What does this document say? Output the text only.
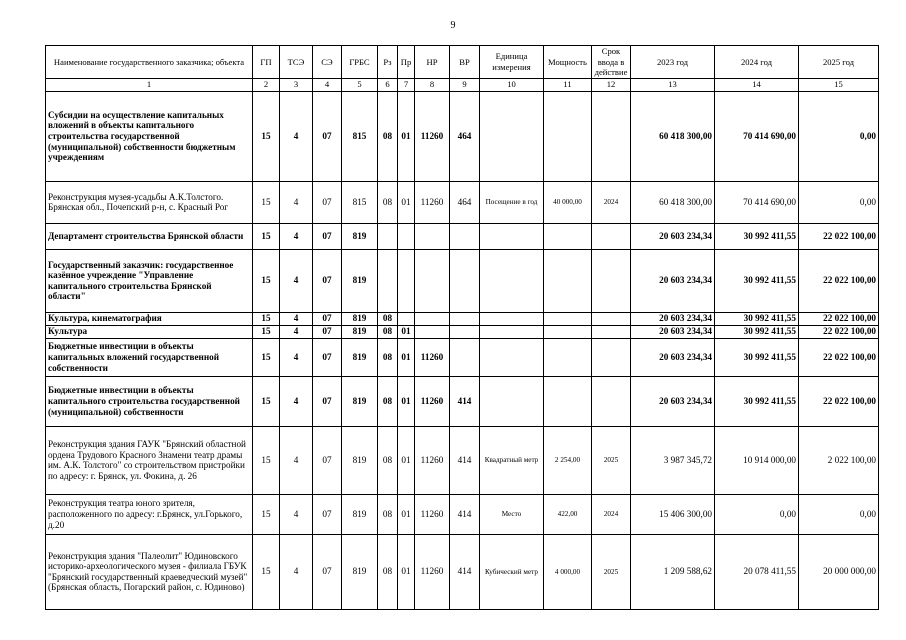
9
Наименование государственного заказчика; объекта	ГП	ТСЭ	СЭ	ГРБС	Рз	Пр	НР	ВР	Единица измерения	Мощность	Срок ввода в действие	2023 год	2024 год	2025 год
1	2	3	4	5	6	7	8	9	10	11	12	13	14	15
Субсидии на осуществление капитальных вложений в объекты капитального строительства государственной (муниципальной) собственности бюджетным учреждениям	15	4	07	815	08	01	11260	464				60 418 300,00	70 414 690,00	0,00
Реконструкция музея-усадьбы А.К.Толстого. Брянская обл., Почепский р-н, с. Красный Рог	15	4	07	815	08	01	11260	464	Посещение в год	40 000,00	2024	60 418 300,00	70 414 690,00	0,00
Департамент строительства Брянской области	15	4	07	819								20 603 234,34	30 992 411,55	22 022 100,00
Государственный заказчик: государственное казённое учреждение "Управление капитального строительства Брянской области"	15	4	07	819								20 603 234,34	30 992 411,55	22 022 100,00
Культура, кинематография	15	4	07	819	08							20 603 234,34	30 992 411,55	22 022 100,00
Культура	15	4	07	819	08	01						20 603 234,34	30 992 411,55	22 022 100,00
Бюджетные инвестиции в объекты капитальных вложений государственной собственности	15	4	07	819	08	01	11260					20 603 234,34	30 992 411,55	22 022 100,00
Бюджетные инвестиции в объекты капитального строительства государственной (муниципальной) собственности	15	4	07	819	08	01	11260	414				20 603 234,34	30 992 411,55	22 022 100,00
Реконструкция здания ГАУК "Брянский областной ордена Трудового Красного Знамени театр драмы им. А.К. Толстого" со строительством пристройки по адресу: г. Брянск, ул. Фокина, д. 26	15	4	07	819	08	01	11260	414	Квадратный метр	2 254,00	2025	3 987 345,72	10 914 000,00	2 022 100,00
Реконструкция театра юного зрителя, расположенного по адресу: г.Брянск, ул.Горького, д.20	15	4	07	819	08	01	11260	414	Место	422,00	2024	15 406 300,00	0,00	0,00
Реконструкция здания "Палеолит" Юдиновского историко-археологического музея - филиала ГБУК "Брянский государственный краеведческий музей" (Брянская область, Погарский район, с. Юдиново)	15	4	07	819	08	01	11260	414	Кубический метр	4 000,00	2025	1 209 588,62	20 078 411,55	20 000 000,00
